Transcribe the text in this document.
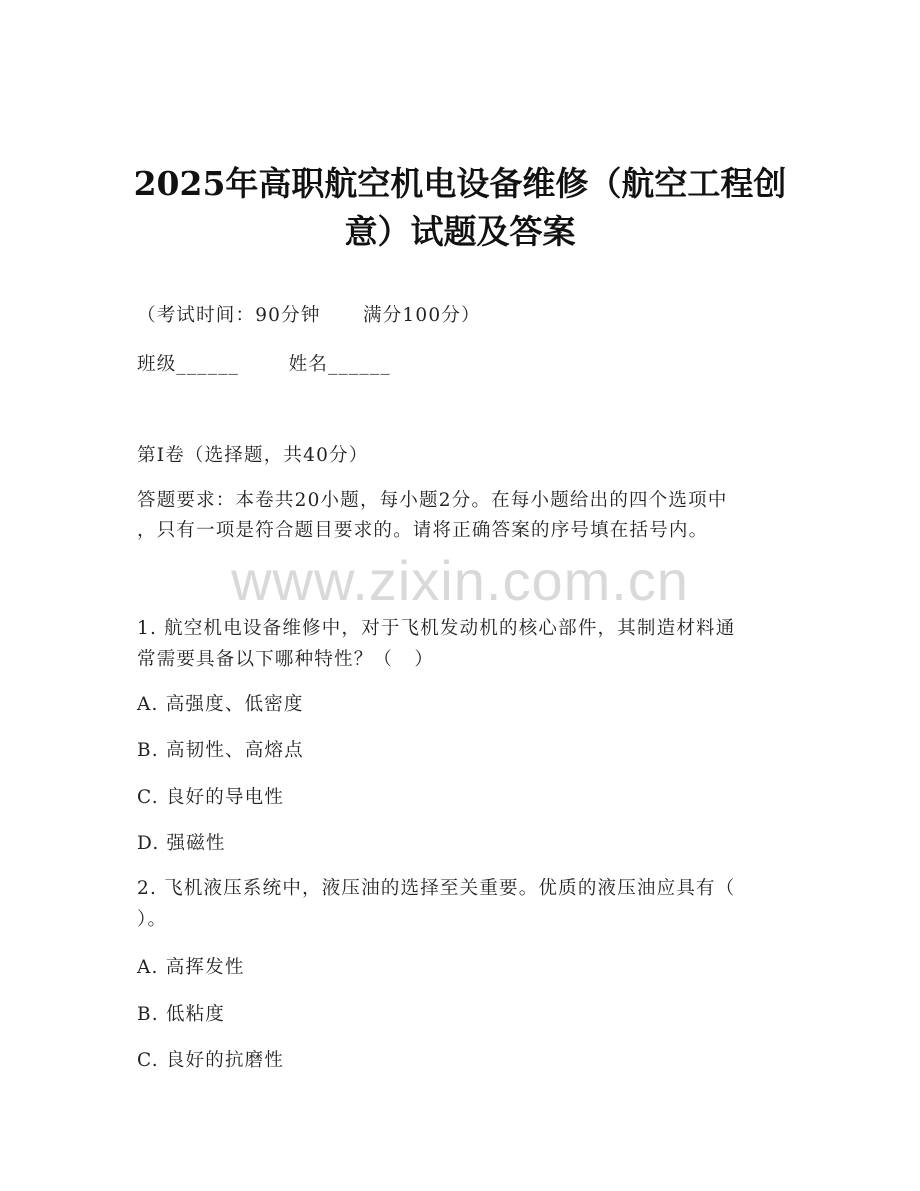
2025年高职航空机电设备维修（航空工程创
意）试题及答案
（考试时间：90分钟      满分100分）
班级______       姓名______
第I卷（选择题，共40分）
答题要求：本卷共20小题，每小题2分。在每小题给出的四个选项中
，只有一项是符合题目要求的。请将正确答案的序号填在括号内。
www.zixin.com.cn
1. 航空机电设备维修中，对于飞机发动机的核心部件，其制造材料通
常需要具备以下哪种特性？（   ）
A. 高强度、低密度
B. 高韧性、高熔点
C. 良好的导电性
D. 强磁性
2. 飞机液压系统中，液压油的选择至关重要。优质的液压油应具有（
）。
A. 高挥发性
B. 低粘度
C. 良好的抗磨性
